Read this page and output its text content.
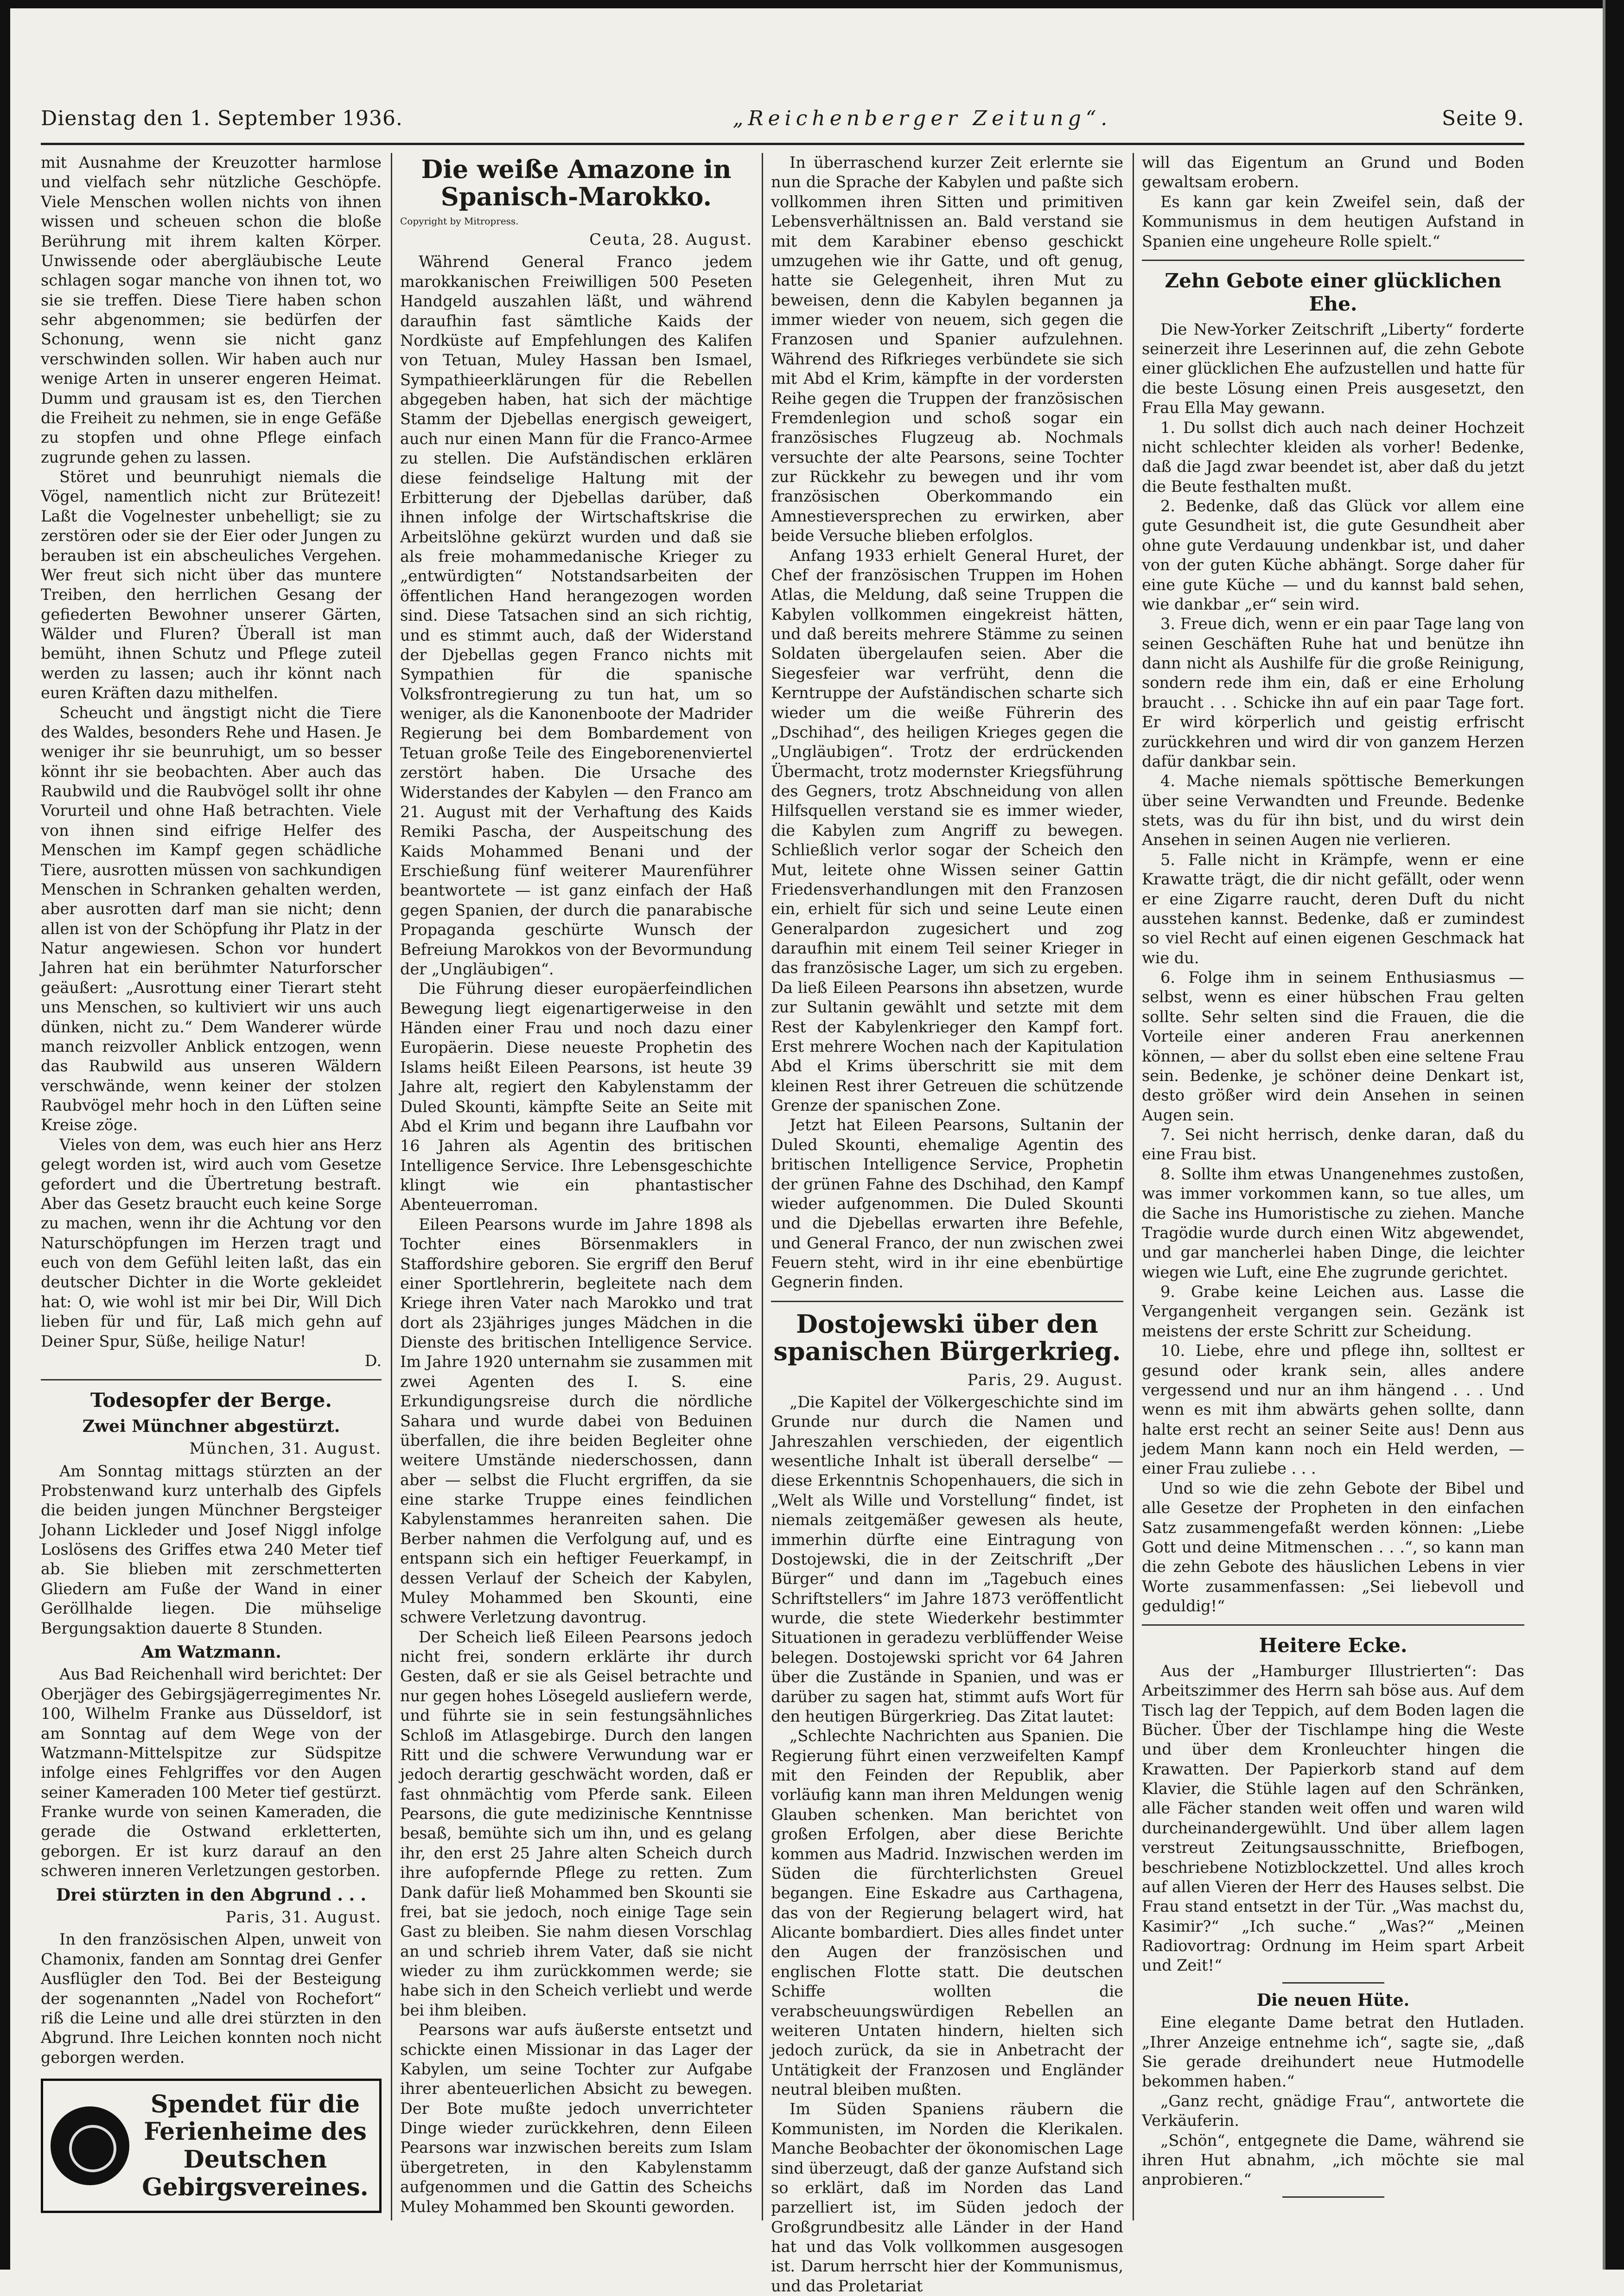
Dienstag den 1. September 1936.	„Reichenberger Zeitung“.	Seite 9.

mit Ausnahme der Kreuzotter harmlose und vielfach sehr nützliche Geschöpfe. Viele Menschen wollen nichts von ihnen wissen und scheuen schon die bloße Berührung mit ihrem kalten Körper. Unwissende oder abergläubische Leute schlagen sogar manche von ihnen tot, wo sie sie treffen. Diese Tiere haben schon sehr abgenommen; sie bedürfen der Schonung, wenn sie nicht ganz verschwinden sollen. Wir haben auch nur wenige Arten in unserer engeren Heimat. Dumm und grausam ist es, den Tierchen die Freiheit zu nehmen, sie in enge Gefäße zu stopfen und ohne Pflege einfach zugrunde gehen zu lassen.

Störet und beunruhigt niemals die Vögel, namentlich nicht zur Brütezeit! Laßt die Vogelnester unbehelligt; sie zu zerstören oder sie der Eier oder Jungen zu berauben ist ein abscheuliches Vergehen. Wer freut sich nicht über das muntere Treiben, den herrlichen Gesang der gefiederten Bewohner unserer Gärten, Wälder und Fluren? Überall ist man bemüht, ihnen Schutz und Pflege zuteil werden zu lassen; auch ihr könnt nach euren Kräften dazu mithelfen.

Scheucht und ängstigt nicht die Tiere des Waldes, besonders Rehe und Hasen. Je weniger ihr sie beunruhigt, um so besser könnt ihr sie beobachten. Aber auch das Raubwild und die Raubvögel sollt ihr ohne Vorurteil und ohne Haß betrachten. Viele von ihnen sind eifrige Helfer des Menschen im Kampf gegen schädliche Tiere, ausrotten müssen von sachkundigen Menschen in Schranken gehalten werden, aber ausrotten darf man sie nicht; denn allen ist von der Schöpfung ihr Platz in der Natur angewiesen. Schon vor hundert Jahren hat ein berühmter Naturforscher geäußert: „Ausrottung einer Tierart steht uns Menschen, so kultiviert wir uns auch dünken, nicht zu.“ Dem Wanderer würde manch reizvoller Anblick entzogen, wenn das Raubwild aus unseren Wäldern verschwände, wenn keiner der stolzen Raubvögel mehr hoch in den Lüften seine Kreise zöge.

Vieles von dem, was euch hier ans Herz gelegt worden ist, wird auch vom Gesetze gefordert und die Übertretung bestraft. Aber das Gesetz braucht euch keine Sorge zu machen, wenn ihr die Achtung vor den Naturschöpfungen im Herzen tragt und euch von dem Gefühl leiten laßt, das ein deutscher Dichter in die Worte gekleidet hat: O, wie wohl ist mir bei Dir, Will Dich lieben für und für, Laß mich gehn auf Deiner Spur, Süße, heilige Natur!

D.
Todesopfer der Berge.
Zwei Münchner abgestürzt.
München, 31. August.

Am Sonntag mittags stürzten an der Probstenwand kurz unterhalb des Gipfels die beiden jungen Münchner Bergsteiger Johann Lickleder und Josef Niggl infolge Loslösens des Griffes etwa 240 Meter tief ab. Sie blieben mit zerschmetterten Gliedern am Fuße der Wand in einer Geröllhalde liegen. Die mühselige Bergungsaktion dauerte 8 Stunden.

Am Watzmann.

Aus Bad Reichenhall wird berichtet: Der Oberjäger des Gebirgsjägerregimentes Nr. 100, Wilhelm Franke aus Düsseldorf, ist am Sonntag auf dem Wege von der Watzmann-Mittelspitze zur Südspitze infolge eines Fehlgriffes vor den Augen seiner Kameraden 100 Meter tief gestürzt. Franke wurde von seinen Kameraden, die gerade die Ostwand erkletterten, geborgen. Er ist kurz darauf an den schweren inneren Verletzungen gestorben.

Drei stürzten in den Abgrund . . .
Paris, 31. August.

In den französischen Alpen, unweit von Chamonix, fanden am Sonntag drei Genfer Ausflügler den Tod. Bei der Besteigung der sogenannten „Nadel von Rochefort“ riß die Leine und alle drei stürzten in den Abgrund. Ihre Leichen konnten noch nicht geborgen werden.

Spendet für die Ferienheime des Deutschen Gebirgsvereines.
Die weiße Amazone in Spanisch-Marokko.
Copyright by Mitropress.
Ceuta, 28. August.

Während General Franco jedem marokkanischen Freiwilligen 500 Peseten Handgeld auszahlen läßt, und während daraufhin fast sämtliche Kaids der Nordküste auf Empfehlungen des Kalifen von Tetuan, Muley Hassan ben Ismael, Sympathieerklärungen für die Rebellen abgegeben haben, hat sich der mächtige Stamm der Djebellas energisch geweigert, auch nur einen Mann für die Franco-Armee zu stellen. Die Aufständischen erklären diese feindselige Haltung mit der Erbitterung der Djebellas darüber, daß ihnen infolge der Wirtschaftskrise die Arbeitslöhne gekürzt wurden und daß sie als freie mohammedanische Krieger zu „entwürdigten“ Notstandsarbeiten der öffentlichen Hand herangezogen worden sind. Diese Tatsachen sind an sich richtig, und es stimmt auch, daß der Widerstand der Djebellas gegen Franco nichts mit Sympathien für die spanische Volksfrontregierung zu tun hat, um so weniger, als die Kanonenboote der Madrider Regierung bei dem Bombardement von Tetuan große Teile des Eingeborenenviertel zerstört haben. Die Ursache des Widerstandes der Kabylen — den Franco am 21. August mit der Verhaftung des Kaids Remiki Pascha, der Auspeitschung des Kaids Mohammed Benani und der Erschießung fünf weiterer Maurenführer beantwortete — ist ganz einfach der Haß gegen Spanien, der durch die panarabische Propaganda geschürte Wunsch der Befreiung Marokkos von der Bevormundung der „Ungläubigen“.

Die Führung dieser europäerfeindlichen Bewegung liegt eigenartigerweise in den Händen einer Frau und noch dazu einer Europäerin. Diese neueste Prophetin des Islams heißt Eileen Pearsons, ist heute 39 Jahre alt, regiert den Kabylenstamm der Duled Skounti, kämpfte Seite an Seite mit Abd el Krim und begann ihre Laufbahn vor 16 Jahren als Agentin des britischen Intelligence Service. Ihre Lebensgeschichte klingt wie ein phantastischer Abenteuerroman.

Eileen Pearsons wurde im Jahre 1898 als Tochter eines Börsenmaklers in Staffordshire geboren. Sie ergriff den Beruf einer Sportlehrerin, begleitete nach dem Kriege ihren Vater nach Marokko und trat dort als 23jähriges junges Mädchen in die Dienste des britischen Intelligence Service. Im Jahre 1920 unternahm sie zusammen mit zwei Agenten des I. S. eine Erkundigungsreise durch die nördliche Sahara und wurde dabei von Beduinen überfallen, die ihre beiden Begleiter ohne weitere Umstände niederschossen, dann aber — selbst die Flucht ergriffen, da sie eine starke Truppe eines feindlichen Kabylenstammes heranreiten sahen. Die Berber nahmen die Verfolgung auf, und es entspann sich ein heftiger Feuerkampf, in dessen Verlauf der Scheich der Kabylen, Muley Mohammed ben Skounti, eine schwere Verletzung davontrug.

Der Scheich ließ Eileen Pearsons jedoch nicht frei, sondern erklärte ihr durch Gesten, daß er sie als Geisel betrachte und nur gegen hohes Lösegeld ausliefern werde, und führte sie in sein festungsähnliches Schloß im Atlasgebirge. Durch den langen Ritt und die schwere Verwundung war er jedoch derartig geschwächt worden, daß er fast ohnmächtig vom Pferde sank. Eileen Pearsons, die gute medizinische Kenntnisse besaß, bemühte sich um ihn, und es gelang ihr, den erst 25 Jahre alten Scheich durch ihre aufopfernde Pflege zu retten. Zum Dank dafür ließ Mohammed ben Skounti sie frei, bat sie jedoch, noch einige Tage sein Gast zu bleiben. Sie nahm diesen Vorschlag an und schrieb ihrem Vater, daß sie nicht wieder zu ihm zurückkommen werde; sie habe sich in den Scheich verliebt und werde bei ihm bleiben.

Pearsons war aufs äußerste entsetzt und schickte einen Missionar in das Lager der Kabylen, um seine Tochter zur Aufgabe ihrer abenteuerlichen Absicht zu bewegen. Der Bote mußte jedoch unverrichteter Dinge wieder zurückkehren, denn Eileen Pearsons war inzwischen bereits zum Islam übergetreten, in den Kabylenstamm aufgenommen und die Gattin des Scheichs Muley Mohammed ben Skounti geworden.

In überraschend kurzer Zeit erlernte sie nun die Sprache der Kabylen und paßte sich vollkommen ihren Sitten und primitiven Lebensverhältnissen an. Bald verstand sie mit dem Karabiner ebenso geschickt umzugehen wie ihr Gatte, und oft genug, hatte sie Gelegenheit, ihren Mut zu beweisen, denn die Kabylen begannen ja immer wieder von neuem, sich gegen die Franzosen und Spanier aufzulehnen. Während des Rifkrieges verbündete sie sich mit Abd el Krim, kämpfte in der vordersten Reihe gegen die Truppen der französischen Fremdenlegion und schoß sogar ein französisches Flugzeug ab. Nochmals versuchte der alte Pearsons, seine Tochter zur Rückkehr zu bewegen und ihr vom französischen Oberkommando ein Amnestieversprechen zu erwirken, aber beide Versuche blieben erfolglos.

Anfang 1933 erhielt General Huret, der Chef der französischen Truppen im Hohen Atlas, die Meldung, daß seine Truppen die Kabylen vollkommen eingekreist hätten, und daß bereits mehrere Stämme zu seinen Soldaten übergelaufen seien. Aber die Siegesfeier war verfrüht, denn die Kerntruppe der Aufständischen scharte sich wieder um die weiße Führerin des „Dschihad“, des heiligen Krieges gegen die „Ungläubigen“. Trotz der erdrückenden Übermacht, trotz modernster Kriegsführung des Gegners, trotz Abschneidung von allen Hilfsquellen verstand sie es immer wieder, die Kabylen zum Angriff zu bewegen. Schließlich verlor sogar der Scheich den Mut, leitete ohne Wissen seiner Gattin Friedensverhandlungen mit den Franzosen ein, erhielt für sich und seine Leute einen Generalpardon zugesichert und zog daraufhin mit einem Teil seiner Krieger in das französische Lager, um sich zu ergeben. Da ließ Eileen Pearsons ihn absetzen, wurde zur Sultanin gewählt und setzte mit dem Rest der Kabylenkrieger den Kampf fort. Erst mehrere Wochen nach der Kapitulation Abd el Krims überschritt sie mit dem kleinen Rest ihrer Getreuen die schützende Grenze der spanischen Zone.

Jetzt hat Eileen Pearsons, Sultanin der Duled Skounti, ehemalige Agentin des britischen Intelligence Service, Prophetin der grünen Fahne des Dschihad, den Kampf wieder aufgenommen. Die Duled Skounti und die Djebellas erwarten ihre Befehle, und General Franco, der nun zwischen zwei Feuern steht, wird in ihr eine ebenbürtige Gegnerin finden.

Dostojewski über den spanischen Bürgerkrieg.
Paris, 29. August.

„Die Kapitel der Völkergeschichte sind im Grunde nur durch die Namen und Jahreszahlen verschieden, der eigentlich wesentliche Inhalt ist überall derselbe“ — diese Erkenntnis Schopenhauers, die sich in „Welt als Wille und Vorstellung“ findet, ist niemals zeitgemäßer gewesen als heute, immerhin dürfte eine Eintragung von Dostojewski, die in der Zeitschrift „Der Bürger“ und dann im „Tagebuch eines Schriftstellers“ im Jahre 1873 veröffentlicht wurde, die stete Wiederkehr bestimmter Situationen in geradezu verblüffender Weise belegen. Dostojewski spricht vor 64 Jahren über die Zustände in Spanien, und was er darüber zu sagen hat, stimmt aufs Wort für den heutigen Bürgerkrieg. Das Zitat lautet:

„Schlechte Nachrichten aus Spanien. Die Regierung führt einen verzweifelten Kampf mit den Feinden der Republik, aber vorläufig kann man ihren Meldungen wenig Glauben schenken. Man berichtet von großen Erfolgen, aber diese Berichte kommen aus Madrid. Inzwischen werden im Süden die fürchterlichsten Greuel begangen. Eine Eskadre aus Carthagena, das von der Regierung belagert wird, hat Alicante bombardiert. Dies alles findet unter den Augen der französischen und englischen Flotte statt. Die deutschen Schiffe wollten die verabscheuungswürdigen Rebellen an weiteren Untaten hindern, hielten sich jedoch zurück, da sie in Anbetracht der Untätigkeit der Franzosen und Engländer neutral bleiben mußten.

Im Süden Spaniens räubern die Kommunisten, im Norden die Klerikalen. Manche Beobachter der ökonomischen Lage sind überzeugt, daß der ganze Aufstand sich so erklärt, daß im Norden das Land parzelliert ist, im Süden jedoch der Großgrundbesitz alle Länder in der Hand hat und das Volk vollkommen ausgesogen ist. Darum herrscht hier der Kommunismus, und das Proletariat

will das Eigentum an Grund und Boden gewaltsam erobern.

Es kann gar kein Zweifel sein, daß der Kommunismus in dem heutigen Aufstand in Spanien eine ungeheure Rolle spielt.“

Zehn Gebote einer glücklichen Ehe.

Die New-Yorker Zeitschrift „Liberty“ forderte seinerzeit ihre Leserinnen auf, die zehn Gebote einer glücklichen Ehe aufzustellen und hatte für die beste Lösung einen Preis ausgesetzt, den Frau Ella May gewann.

1. Du sollst dich auch nach deiner Hochzeit nicht schlechter kleiden als vorher! Bedenke, daß die Jagd zwar beendet ist, aber daß du jetzt die Beute festhalten mußt.

2. Bedenke, daß das Glück vor allem eine gute Gesundheit ist, die gute Gesundheit aber ohne gute Verdauung undenkbar ist, und daher von der guten Küche abhängt. Sorge daher für eine gute Küche — und du kannst bald sehen, wie dankbar „er“ sein wird.

3. Freue dich, wenn er ein paar Tage lang von seinen Geschäften Ruhe hat und benütze ihn dann nicht als Aushilfe für die große Reinigung, sondern rede ihm ein, daß er eine Erholung braucht . . . Schicke ihn auf ein paar Tage fort. Er wird körperlich und geistig erfrischt zurückkehren und wird dir von ganzem Herzen dafür dankbar sein.

4. Mache niemals spöttische Bemerkungen über seine Verwandten und Freunde. Bedenke stets, was du für ihn bist, und du wirst dein Ansehen in seinen Augen nie verlieren.

5. Falle nicht in Krämpfe, wenn er eine Krawatte trägt, die dir nicht gefällt, oder wenn er eine Zigarre raucht, deren Duft du nicht ausstehen kannst. Bedenke, daß er zumindest so viel Recht auf einen eigenen Geschmack hat wie du.

6. Folge ihm in seinem Enthusiasmus — selbst, wenn es einer hübschen Frau gelten sollte. Sehr selten sind die Frauen, die die Vorteile einer anderen Frau anerkennen können, — aber du sollst eben eine seltene Frau sein. Bedenke, je schöner deine Denkart ist, desto größer wird dein Ansehen in seinen Augen sein.

7. Sei nicht herrisch, denke daran, daß du eine Frau bist.

8. Sollte ihm etwas Unangenehmes zustoßen, was immer vorkommen kann, so tue alles, um die Sache ins Humoristische zu ziehen. Manche Tragödie wurde durch einen Witz abgewendet, und gar mancherlei haben Dinge, die leichter wiegen wie Luft, eine Ehe zugrunde gerichtet.

9. Grabe keine Leichen aus. Lasse die Vergangenheit vergangen sein. Gezänk ist meistens der erste Schritt zur Scheidung.

10. Liebe, ehre und pflege ihn, solltest er gesund oder krank sein, alles andere vergessend und nur an ihm hängend . . . Und wenn es mit ihm abwärts gehen sollte, dann halte erst recht an seiner Seite aus! Denn aus jedem Mann kann noch ein Held werden, — einer Frau zuliebe . . .

Und so wie die zehn Gebote der Bibel und alle Gesetze der Propheten in den einfachen Satz zusammengefaßt werden können: „Liebe Gott und deine Mitmenschen . . .“, so kann man die zehn Gebote des häuslichen Lebens in vier Worte zusammenfassen: „Sei liebevoll und geduldig!“

Heitere Ecke.

Aus der „Hamburger Illustrierten“: Das Arbeitszimmer des Herrn sah böse aus. Auf dem Tisch lag der Teppich, auf dem Boden lagen die Bücher. Über der Tischlampe hing die Weste und über dem Kronleuchter hingen die Krawatten. Der Papierkorb stand auf dem Klavier, die Stühle lagen auf den Schränken, alle Fächer standen weit offen und waren wild durcheinandergewühlt. Und über allem lagen verstreut Zeitungsausschnitte, Briefbogen, beschriebene Notizblockzettel. Und alles kroch auf allen Vieren der Herr des Hauses selbst. Die Frau stand entsetzt in der Tür. „Was machst du, Kasimir?“ „Ich suche.“ „Was?“ „Meinen Radiovortrag: Ordnung im Heim spart Arbeit und Zeit!“

Die neuen Hüte.

Eine elegante Dame betrat den Hutladen. „Ihrer Anzeige entnehme ich“, sagte sie, „daß Sie gerade dreihundert neue Hutmodelle bekommen haben.“

„Ganz recht, gnädige Frau“, antwortete die Verkäuferin.

„Schön“, entgegnete die Dame, während sie ihren Hut abnahm, „ich möchte sie mal anprobieren.“
